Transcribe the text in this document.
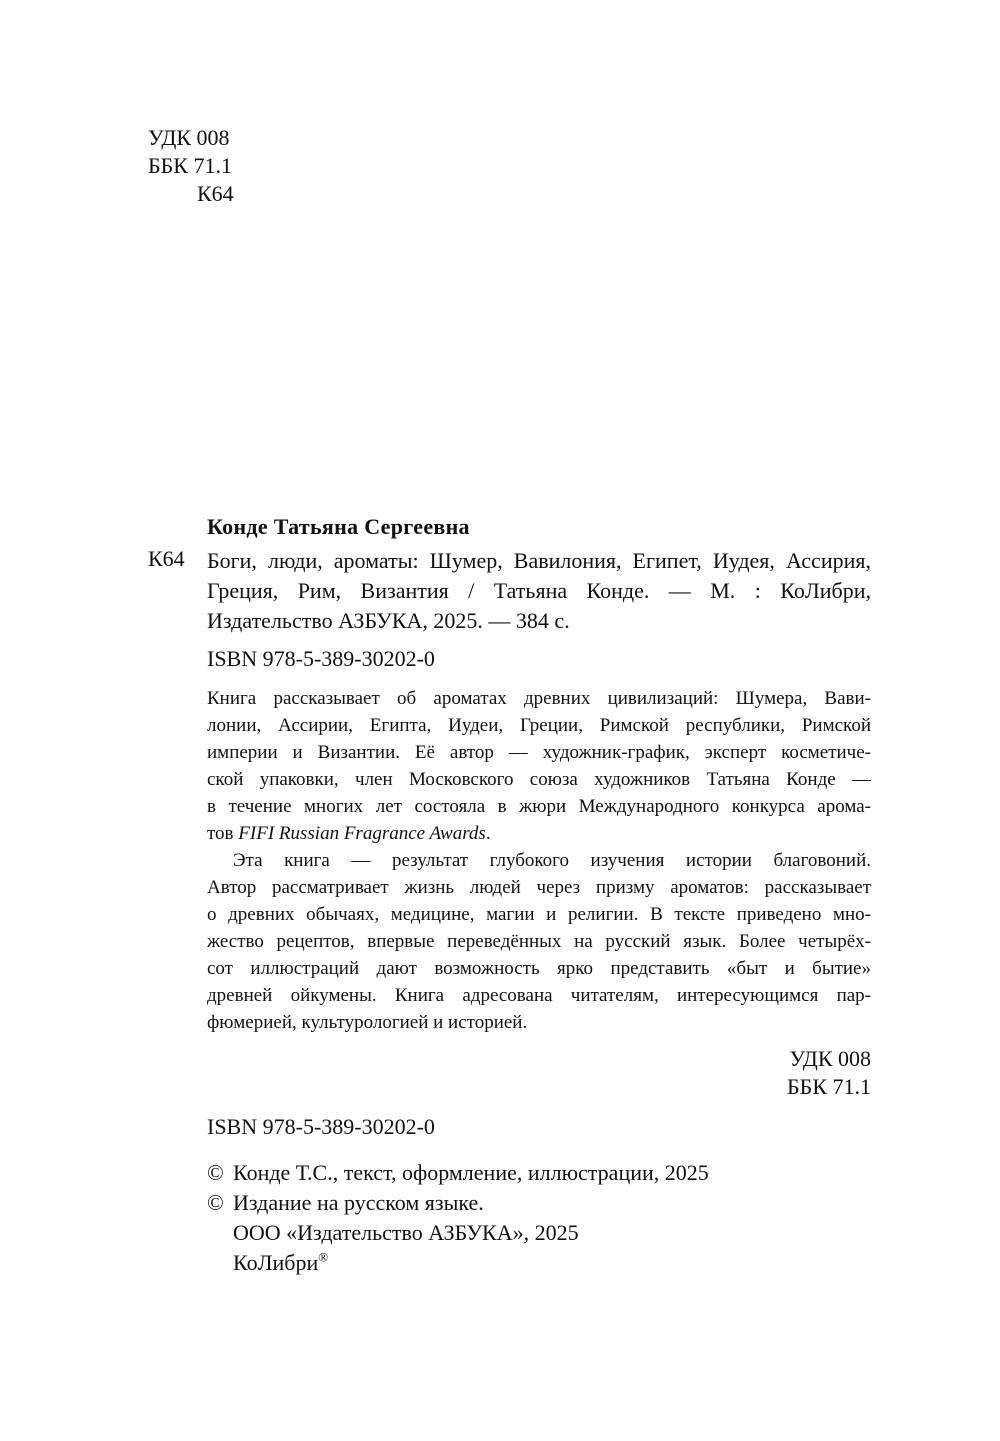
УДК 008
ББК 71.1
К64
Конде Татьяна Сергеевна
К64 Боги, люди, ароматы: Шумер, Вавилония, Египет, Иудея, Ассирия,
Греция, Рим, Византия / Татьяна Конде. — М. : КоЛибри,
Издательство АЗБУКА, 2025. — 384 с.
ISBN 978-5-389-30202-0
Книга рассказывает об ароматах древних цивилизаций: Шумера, Вави-
лонии, Ассирии, Египта, Иудеи, Греции, Римской республики, Римской
империи и Византии. Её автор — художник-график, эксперт косметиче-
ской упаковки, член Московского союза художников Татьяна Конде —
в течение многих лет состояла в жюри Международного конкурса арома-
тов FIFI Russian Fragrance Awards.
Эта книга — результат глубокого изучения истории благовоний.
Автор рассматривает жизнь людей через призму ароматов: рассказывает
о древних обычаях, медицине, магии и религии. В тексте приведено мно-
жество рецептов, впервые переведённых на русский язык. Более четырёх-
сот иллюстраций дают возможность ярко представить «быт и бытие»
древней ойкумены. Книга адресована читателям, интересующимся пар-
фюмерией, культурологией и историей.
УДК 008
ББК 71.1
ISBN 978-5-389-30202-0
© Конде Т.С., текст, оформление, иллюстрации, 2025
© Издание на русском языке.
ООО «Издательство АЗБУКА», 2025
КоЛибри®
